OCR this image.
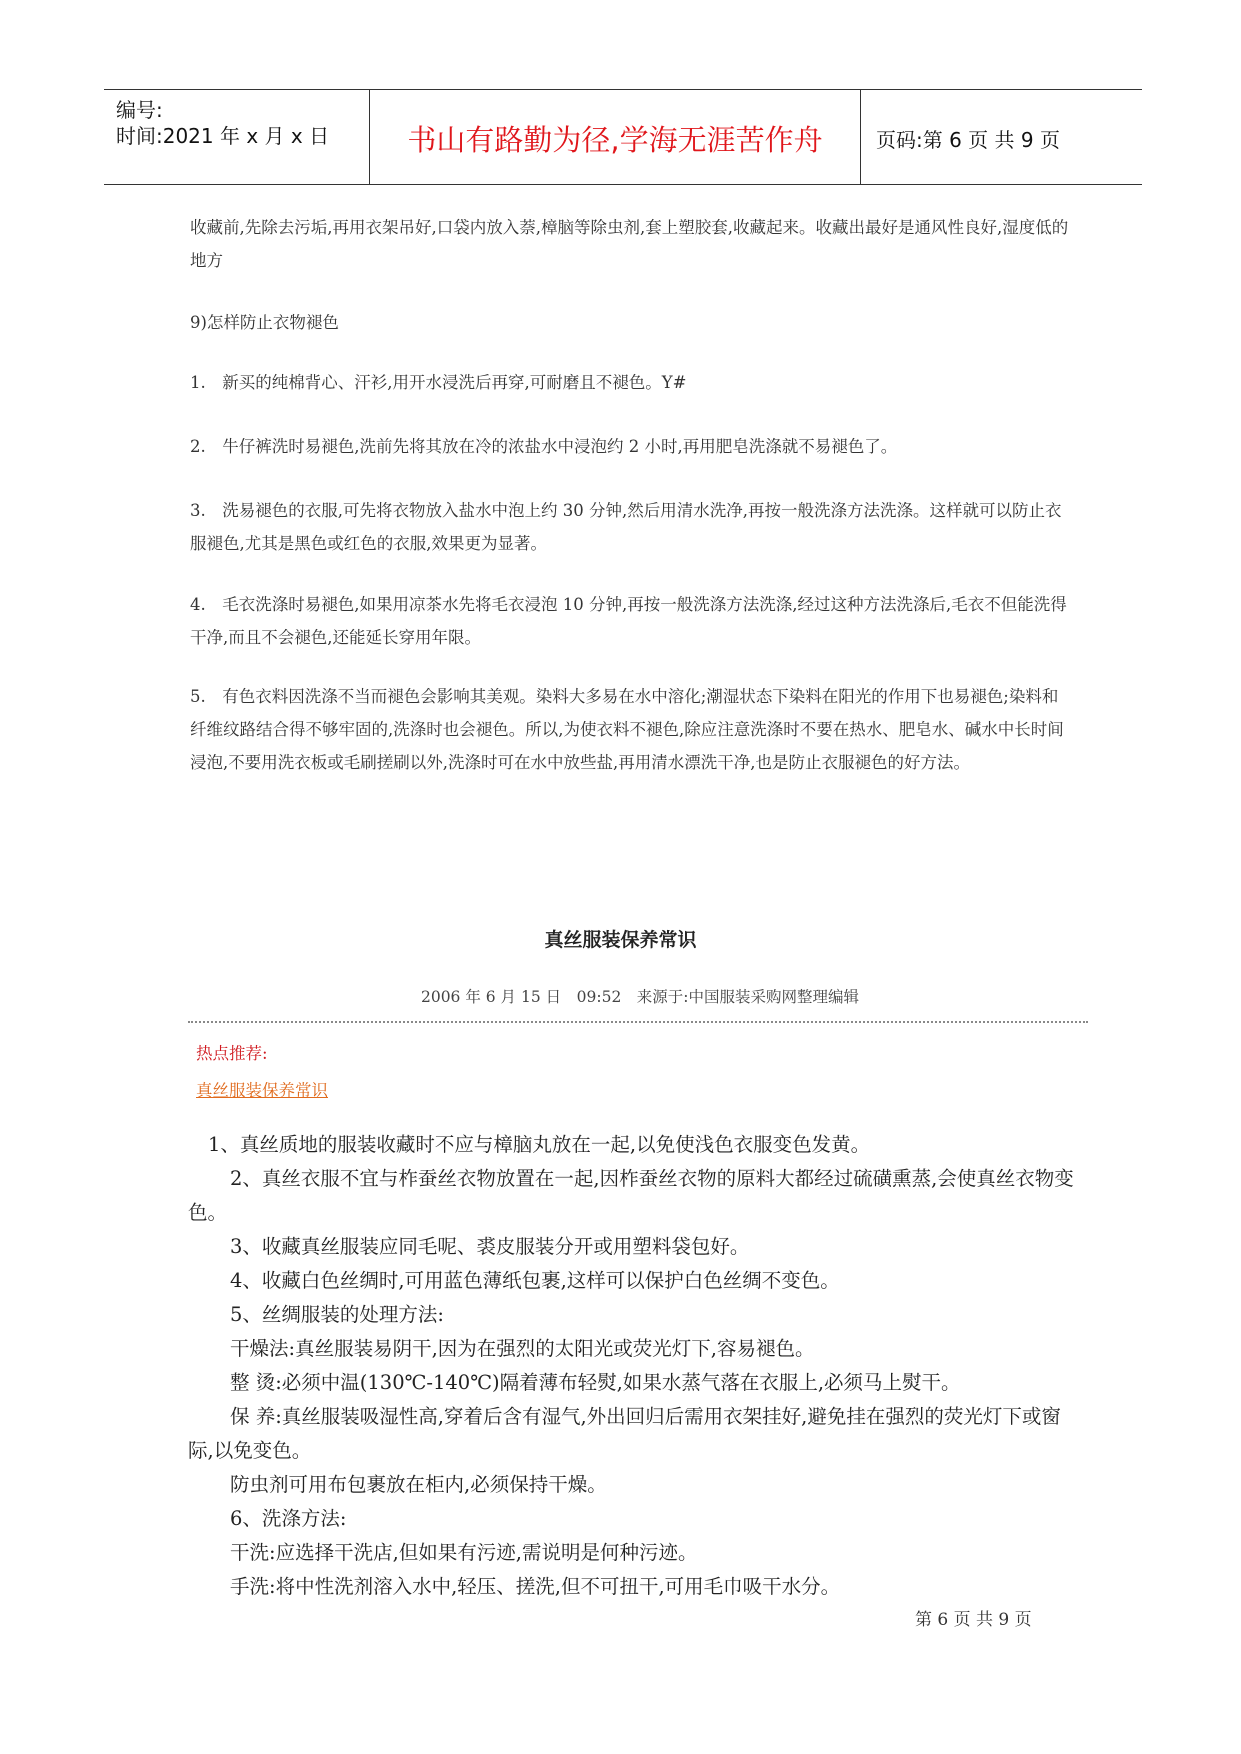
编号:
时间:2021 年 x 月 x 日	书山有路勤为径,学海无涯苦作舟	页码:第 6 页 共 9 页
收藏前,先除去污垢,再用衣架吊好,口袋内放入萘,樟脑等除虫剂,套上塑胶套,收藏起来。收藏出最好是通风性良好,湿度低的地方
9)怎样防止衣物褪色
1.　新买的纯棉背心、汗衫,用开水浸洗后再穿,可耐磨且不褪色。Y#
2.　牛仔裤洗时易褪色,洗前先将其放在冷的浓盐水中浸泡约 2 小时,再用肥皂洗涤就不易褪色了。
3.　洗易褪色的衣服,可先将衣物放入盐水中泡上约 30 分钟,然后用清水洗净,再按一般洗涤方法洗涤。这样就可以防止衣服褪色,尤其是黑色或红色的衣服,效果更为显著。
4.　毛衣洗涤时易褪色,如果用凉茶水先将毛衣浸泡 10 分钟,再按一般洗涤方法洗涤,经过这种方法洗涤后,毛衣不但能洗得干净,而且不会褪色,还能延长穿用年限。
5.　有色衣料因洗涤不当而褪色会影响其美观。染料大多易在水中溶化;潮湿状态下染料在阳光的作用下也易褪色;染料和纤维纹路结合得不够牢固的,洗涤时也会褪色。所以,为使衣料不褪色,除应注意洗涤时不要在热水、肥皂水、碱水中长时间浸泡,不要用洗衣板或毛刷搓刷以外,洗涤时可在水中放些盐,再用清水漂洗干净,也是防止衣服褪色的好方法。
真丝服装保养常识
2006 年 6 月 15 日　09:52　来源于:中国服装采购网整理编辑
热点推荐:
真丝服装保养常识
1、真丝质地的服装收藏时不应与樟脑丸放在一起,以免使浅色衣服变色发黄。
2、真丝衣服不宜与柞蚕丝衣物放置在一起,因柞蚕丝衣物的原料大都经过硫磺熏蒸,会使真丝衣物变色。
3、收藏真丝服装应同毛呢、裘皮服装分开或用塑料袋包好。
4、收藏白色丝绸时,可用蓝色薄纸包裹,这样可以保护白色丝绸不变色。
5、丝绸服装的处理方法:
干燥法:真丝服装易阴干,因为在强烈的太阳光或荧光灯下,容易褪色。
整 烫:必须中温(130℃-140℃)隔着薄布轻熨,如果水蒸气落在衣服上,必须马上熨干。
保 养:真丝服装吸湿性高,穿着后含有湿气,外出回归后需用衣架挂好,避免挂在强烈的荧光灯下或窗际,以免变色。
防虫剂可用布包裹放在柜内,必须保持干燥。
6、洗涤方法:
干洗:应选择干洗店,但如果有污迹,需说明是何种污迹。
手洗:将中性洗剂溶入水中,轻压、搓洗,但不可扭干,可用毛巾吸干水分。
第 6 页 共 9 页
